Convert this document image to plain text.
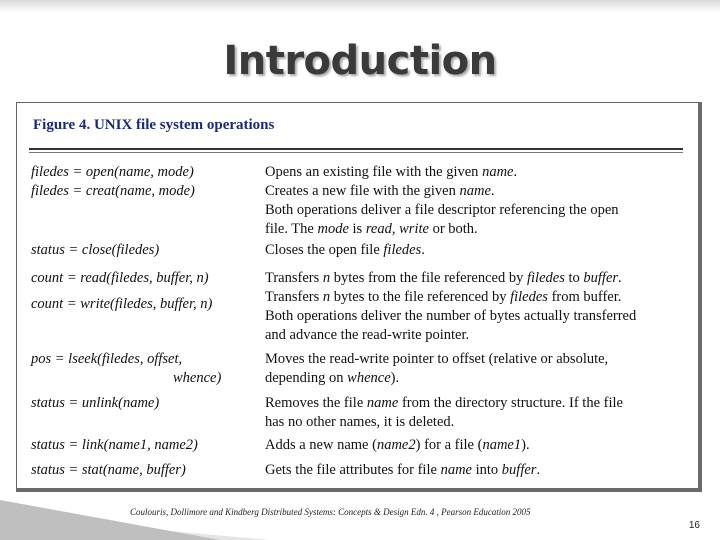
Introduction
Figure 4. UNIX file system operations
filedes = open(name, mode)
filedes = creat(name, mode)
status = close(filedes)
count = read(filedes, buffer, n)
count = write(filedes, buffer, n)
pos = lseek(filedes, offset,
whence)
status = unlink(name)
status = link(name1, name2)
status = stat(name, buffer)
Opens an existing file with the given name.
Creates a new file with the given name.
Both operations deliver a file descriptor referencing the open
file. The mode is read, write or both.
Closes the open file filedes.
Transfers n bytes from the file referenced by filedes to buffer.
Transfers n bytes to the file referenced by filedes from buffer.
Both operations deliver the number of bytes actually transferred
and advance the read-write pointer.
Moves the read-write pointer to offset (relative or absolute,
depending on whence).
Removes the file name from the directory structure. If the file
has no other names, it is deleted.
Adds a new name (name2) for a file (name1).
Gets the file attributes for file name into buffer.
Coulouris, Dollimore and Kindberg Distributed Systems: Concepts & Design Edn. 4 , Pearson Education 2005
16
